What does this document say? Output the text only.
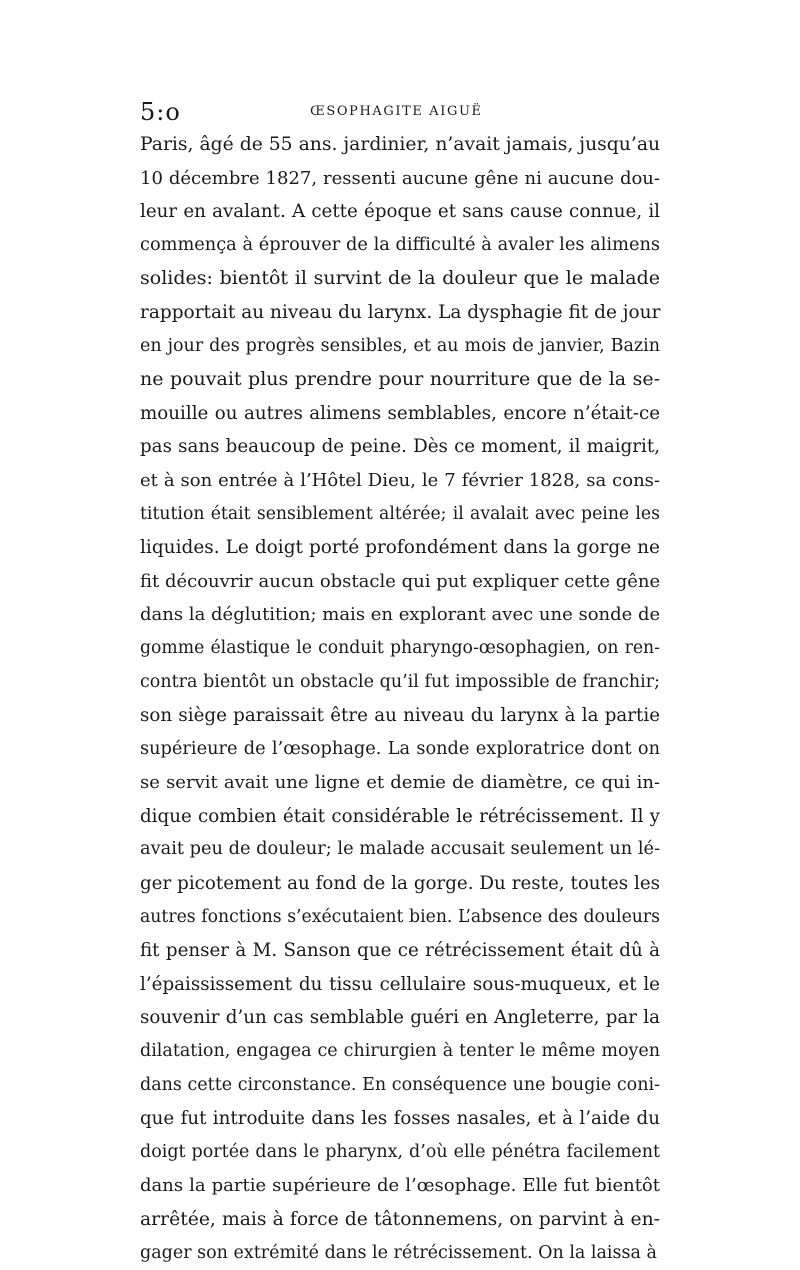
5:o	ŒSOPHAGITE AIGUË
Paris, âgé de 55 ans. jardinier, n’avait jamais, jusqu’au
10 décembre 1827, ressenti aucune gêne ni aucune dou-
leur en avalant. A cette époque et sans cause connue, il
commença à éprouver de la difficulté à avaler les alimens
solides: bientôt il survint de la douleur que le malade
rapportait au niveau du larynx. La dysphagie fit de jour
en jour des progrès sensibles, et au mois de janvier, Bazin
ne pouvait plus prendre pour nourriture que de la se-
mouille ou autres alimens semblables, encore n’était-ce
pas sans beaucoup de peine. Dès ce moment, il maigrit,
et à son entrée à l’Hôtel Dieu, le 7 février 1828, sa cons-
titution était sensiblement altérée; il avalait avec peine les
liquides. Le doigt porté profondément dans la gorge ne
fit découvrir aucun obstacle qui put expliquer cette gêne
dans la déglutition; mais en explorant avec une sonde de
gomme élastique le conduit pharyngo-œsophagien, on ren-
contra bientôt un obstacle qu’il fut impossible de franchir;
son siège paraissait être au niveau du larynx à la partie
supérieure de l’œsophage. La sonde exploratrice dont on
se servit avait une ligne et demie de diamètre, ce qui in-
dique combien était considérable le rétrécissement. Il y
avait peu de douleur; le malade accusait seulement un lé-
ger picotement au fond de la gorge. Du reste, toutes les
autres fonctions s’exécutaient bien. L’absence des douleurs
fit penser à M. Sanson que ce rétrécissement était dû à
l’épaississement du tissu cellulaire sous-muqueux, et le
souvenir d’un cas semblable guéri en Angleterre, par la
dilatation, engagea ce chirurgien à tenter le même moyen
dans cette circonstance. En conséquence une bougie coni-
que fut introduite dans les fosses nasales, et à l’aide du
doigt portée dans le pharynx, d’où elle pénétra facilement
dans la partie supérieure de l’œsophage. Elle fut bientôt
arrêtée, mais à force de tâtonnemens, on parvint à en-
gager son extrémité dans le rétrécissement. On la laissa à
